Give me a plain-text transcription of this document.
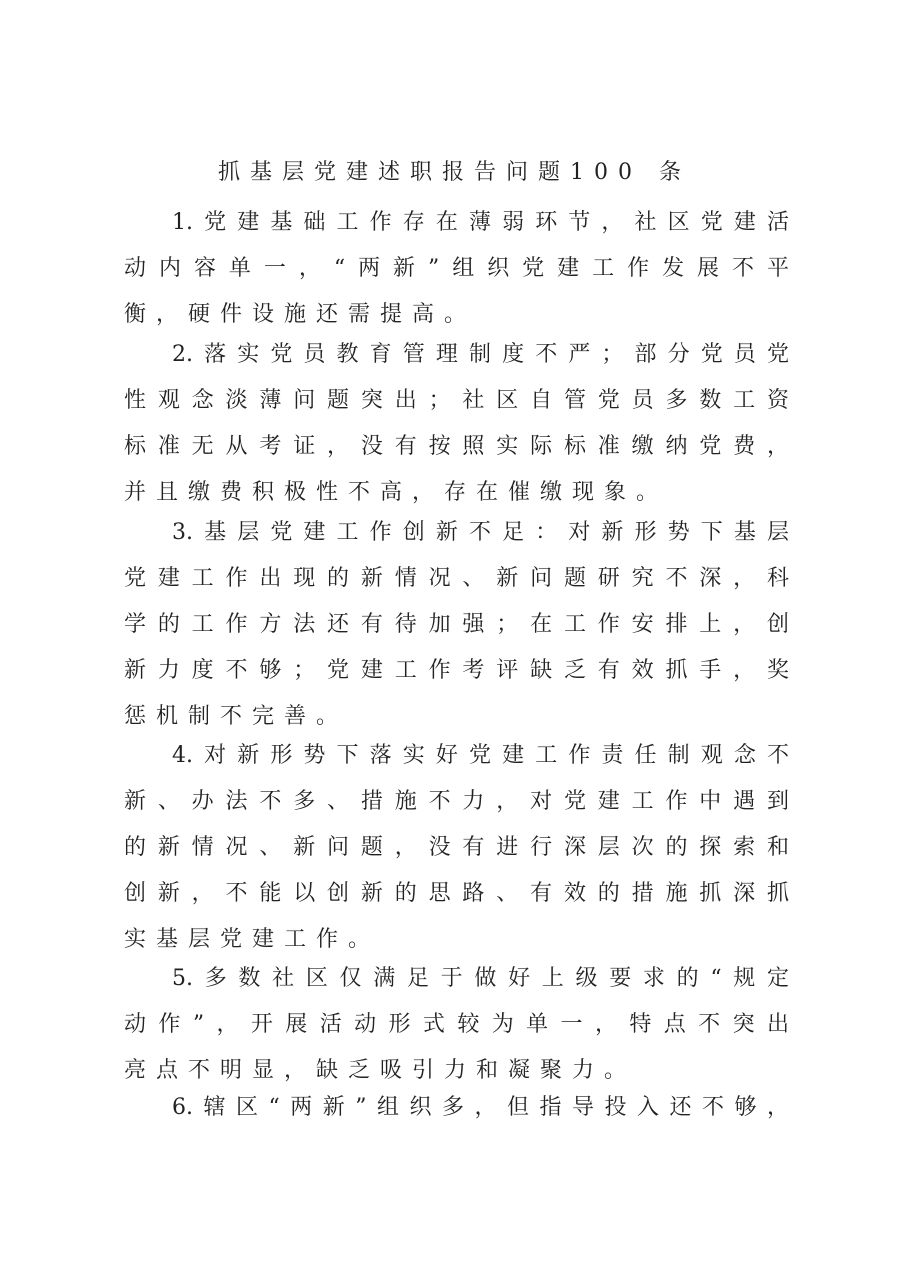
抓基层党建述职报告问题100 条
1.党建基础工作存在薄弱环节，社区党建活
动内容单一，“两新”组织党建工作发展不平
衡，硬件设施还需提高。
2.落实党员教育管理制度不严；部分党员党
性观念淡薄问题突出；社区自管党员多数工资
标准无从考证，没有按照实际标准缴纳党费，
并且缴费积极性不高，存在催缴现象。
3.基层党建工作创新不足：对新形势下基层
党建工作出现的新情况、新问题研究不深，科
学的工作方法还有待加强；在工作安排上，创
新力度不够；党建工作考评缺乏有效抓手，奖
惩机制不完善。
4.对新形势下落实好党建工作责任制观念不
新、办法不多、措施不力，对党建工作中遇到
的新情况、新问题，没有进行深层次的探索和
创新，不能以创新的思路、有效的措施抓深抓
实基层党建工作。
5.多数社区仅满足于做好上级要求的“规定
动作”，开展活动形式较为单一，特点不突出
亮点不明显，缺乏吸引力和凝聚力。
6.辖区“两新”组织多，但指导投入还不够，
